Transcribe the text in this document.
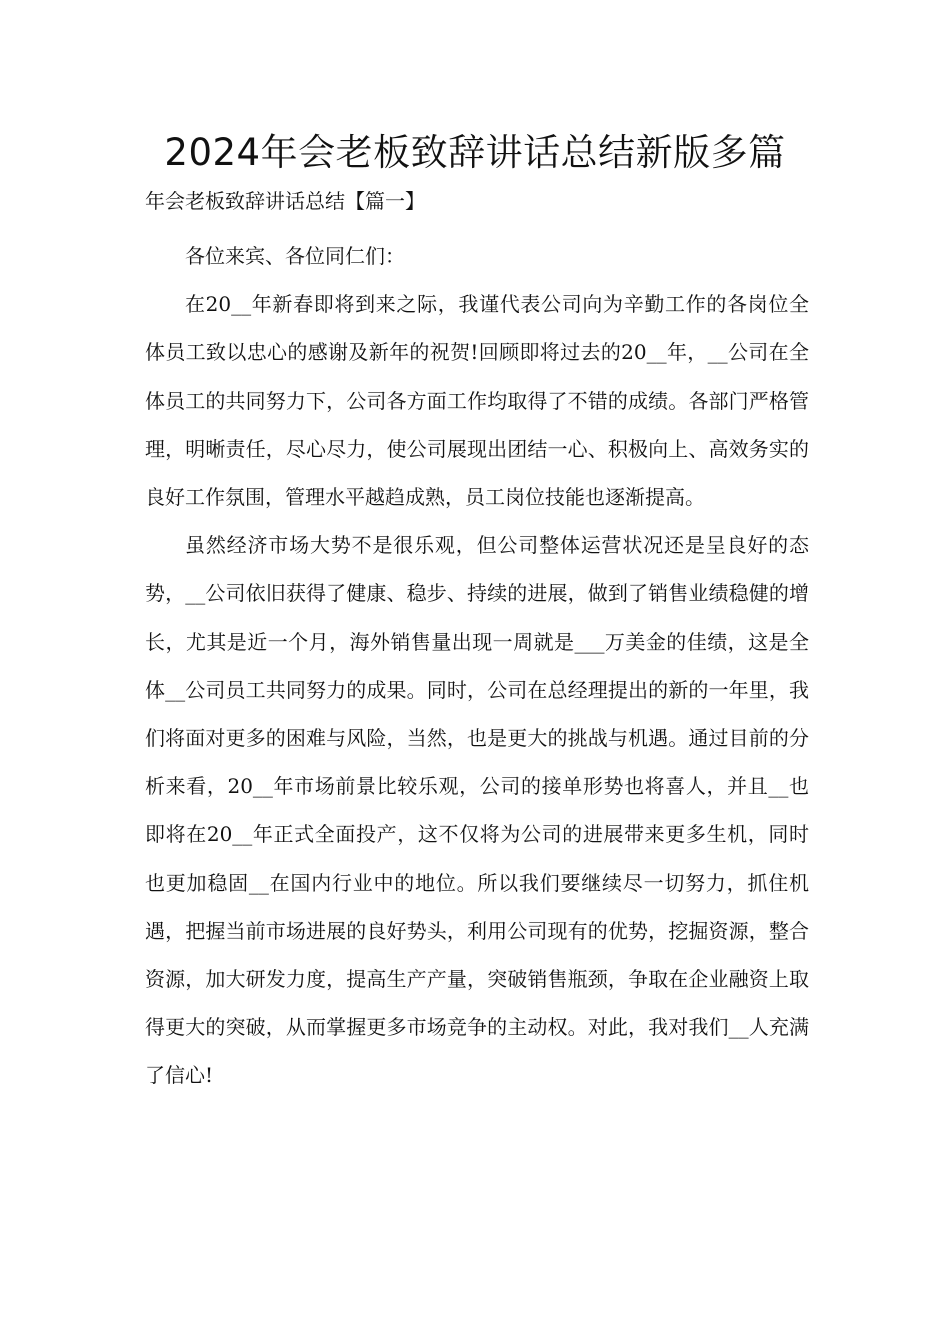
2024年会老板致辞讲话总结新版多篇
年会老板致辞讲话总结【篇一】

各位来宾、各位同仁们：

在20__年新春即将到来之际，我谨代表公司向为辛勤工作的各岗位全体员工致以忠心的感谢及新年的祝贺!回顾即将过去的20__年，__公司在全体员工的共同努力下，公司各方面工作均取得了不错的成绩。各部门严格管理，明晰责任，尽心尽力，使公司展现出团结一心、积极向上、高效务实的良好工作氛围，管理水平越趋成熟，员工岗位技能也逐渐提高。

虽然经济市场大势不是很乐观，但公司整体运营状况还是呈良好的态势，__公司依旧获得了健康、稳步、持续的进展，做到了销售业绩稳健的增长，尤其是近一个月，海外销售量出现一周就是___万美金的佳绩，这是全体__公司员工共同努力的成果。同时，公司在总经理提出的新的一年里，我们将面对更多的困难与风险，当然，也是更大的挑战与机遇。通过目前的分析来看，20__年市场前景比较乐观，公司的接单形势也将喜人，并且__也即将在20__年正式全面投产，这不仅将为公司的进展带来更多生机，同时也更加稳固__在国内行业中的地位。所以我们要继续尽一切努力，抓住机遇，把握当前市场进展的良好势头，利用公司现有的优势，挖掘资源，整合资源，加大研发力度，提高生产产量，突破销售瓶颈，争取在企业融资上取得更大的突破，从而掌握更多市场竞争的主动权。对此，我对我们__人充满了信心!
